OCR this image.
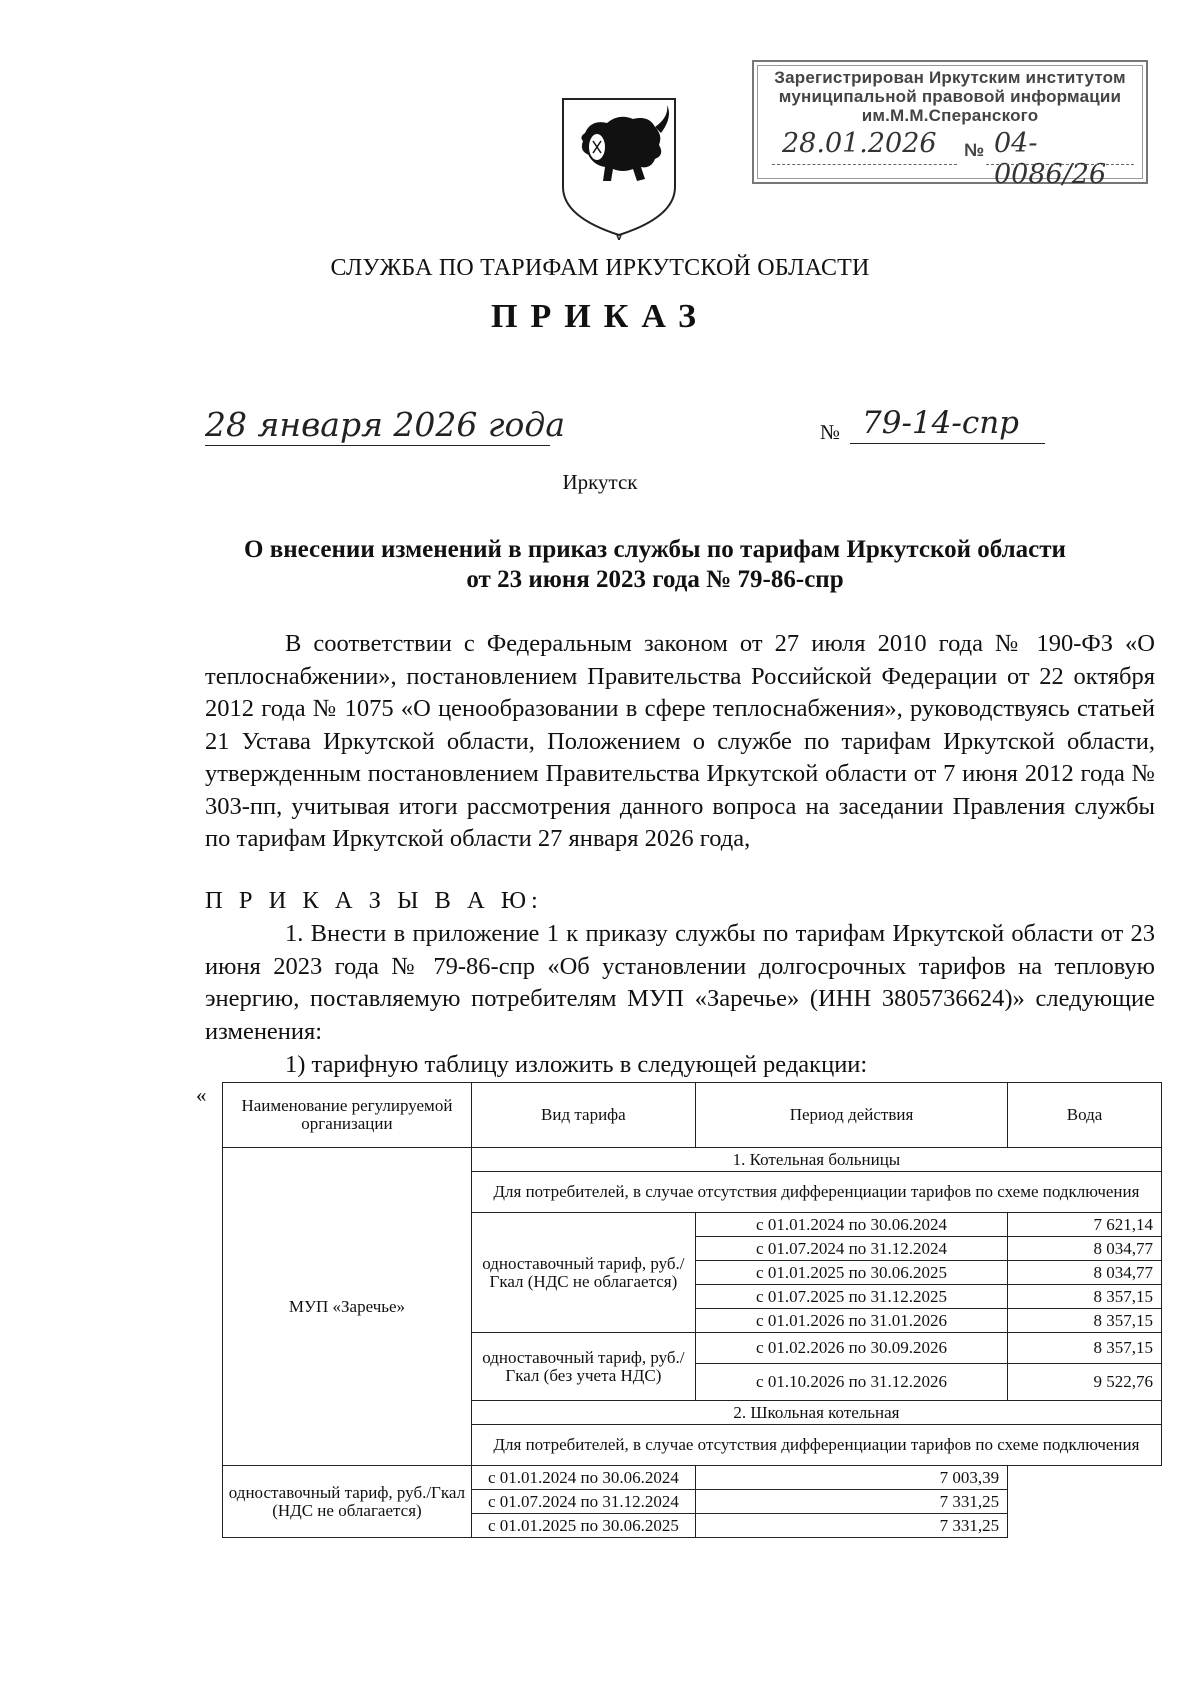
Зарегистрирован Иркутским институтом
муниципальной правовой информации
им.М.М.Сперанского
28.01.2026 № 04-0086/26
СЛУЖБА ПО ТАРИФАМ ИРКУТСКОЙ ОБЛАСТИ
ПРИКАЗ
28 января 2026 года	№ 79-14-спр
Иркутск
О внесении изменений в приказ службы по тарифам Иркутской области
от 23 июня 2023 года № 79-86-спр
В соответствии с Федеральным законом от 27 июля 2010 года № 190-ФЗ «О теплоснабжении», постановлением Правительства Российской Федерации от 22 октября 2012 года № 1075 «О ценообразовании в сфере теплоснабжения», руководствуясь статьей 21 Устава Иркутской области, Положением о службе по тарифам Иркутской области, утвержденным постановлением Правительства Иркутской области от 7 июня 2012 года № 303-пп, учитывая итоги рассмотрения данного вопроса на заседании Правления службы по тарифам Иркутской области 27 января 2026 года,
П Р И К А З Ы В А Ю:
1. Внести в приложение 1 к приказу службы по тарифам Иркутской области от 23 июня 2023 года № 79-86-спр «Об установлении долгосрочных тарифов на тепловую энергию, поставляемую потребителям МУП «Заречье» (ИНН 3805736624)» следующие изменения:
1) тарифную таблицу изложить в следующей редакции:
« Наименование регулируемой организации	Вид тарифа	Период действия	Вода
МУП «Заречье»	1. Котельная больницы		
	Для потребителей, в случае отсутствия дифференциации тарифов по схеме подключения		
	одноставочный тариф, руб./Гкал (НДС не облагается)	с 01.01.2024 по 30.06.2024	7 621,14
		с 01.07.2024 по 31.12.2024	8 034,77
		с 01.01.2025 по 30.06.2025	8 034,77
		с 01.07.2025 по 31.12.2025	8 357,15
		с 01.01.2026 по 31.01.2026	8 357,15
	одноставочный тариф, руб./Гкал (без учета НДС)	с 01.02.2026 по 30.09.2026	8 357,15
		с 01.10.2026 по 31.12.2026	9 522,76
	2. Школьная котельная		
	Для потребителей, в случае отсутствия дифференциации тарифов по схеме подключения		
одноставочный тариф, руб./Гкал (НДС не облагается)	с 01.01.2024 по 30.06.2024	7 003,39	
	с 01.07.2024 по 31.12.2024	7 331,25	
	с 01.01.2025 по 30.06.2025	7 331,25	
